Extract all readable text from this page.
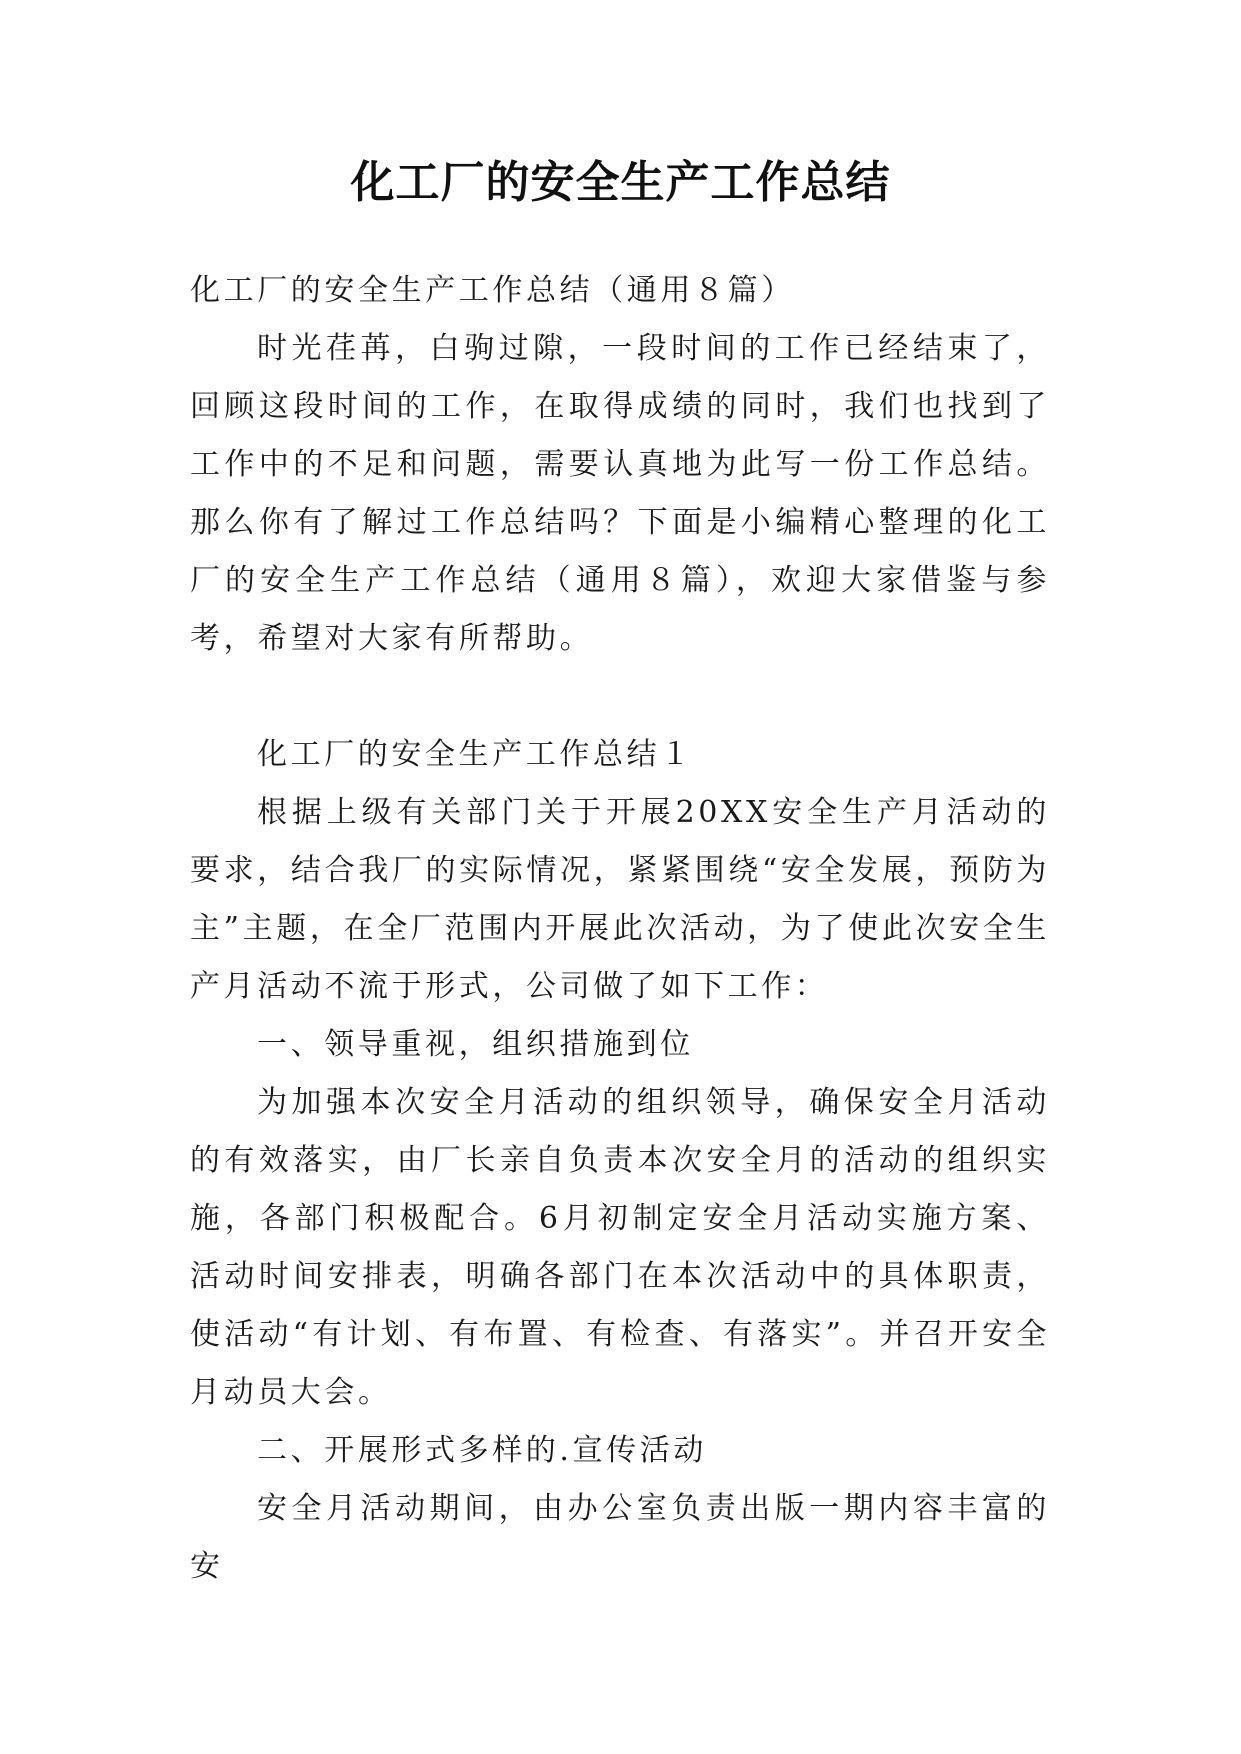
化工厂的安全生产工作总结

化工厂的安全生产工作总结（通用８篇）

时光荏苒，白驹过隙，一段时间的工作已经结束了，回顾这段时间的工作，在取得成绩的同时，我们也找到了工作中的不足和问题，需要认真地为此写一份工作总结。那么你有了解过工作总结吗？下面是小编精心整理的化工厂的安全生产工作总结（通用８篇），欢迎大家借鉴与参考，希望对大家有所帮助。

化工厂的安全生产工作总结１

根据上级有关部门关于开展20XX安全生产月活动的要求，结合我厂的实际情况，紧紧围绕“安全发展，预防为主”主题，在全厂范围内开展此次活动，为了使此次安全生产月活动不流于形式，公司做了如下工作：

一、领导重视，组织措施到位

为加强本次安全月活动的组织领导，确保安全月活动的有效落实，由厂长亲自负责本次安全月的活动的组织实施，各部门积极配合。6月初制定安全月活动实施方案、活动时间安排表，明确各部门在本次活动中的具体职责，使活动“有计划、有布置、有检查、有落实”。并召开安全月动员大会。

二、开展形式多样的.宣传活动

安全月活动期间，由办公室负责出版一期内容丰富的安
